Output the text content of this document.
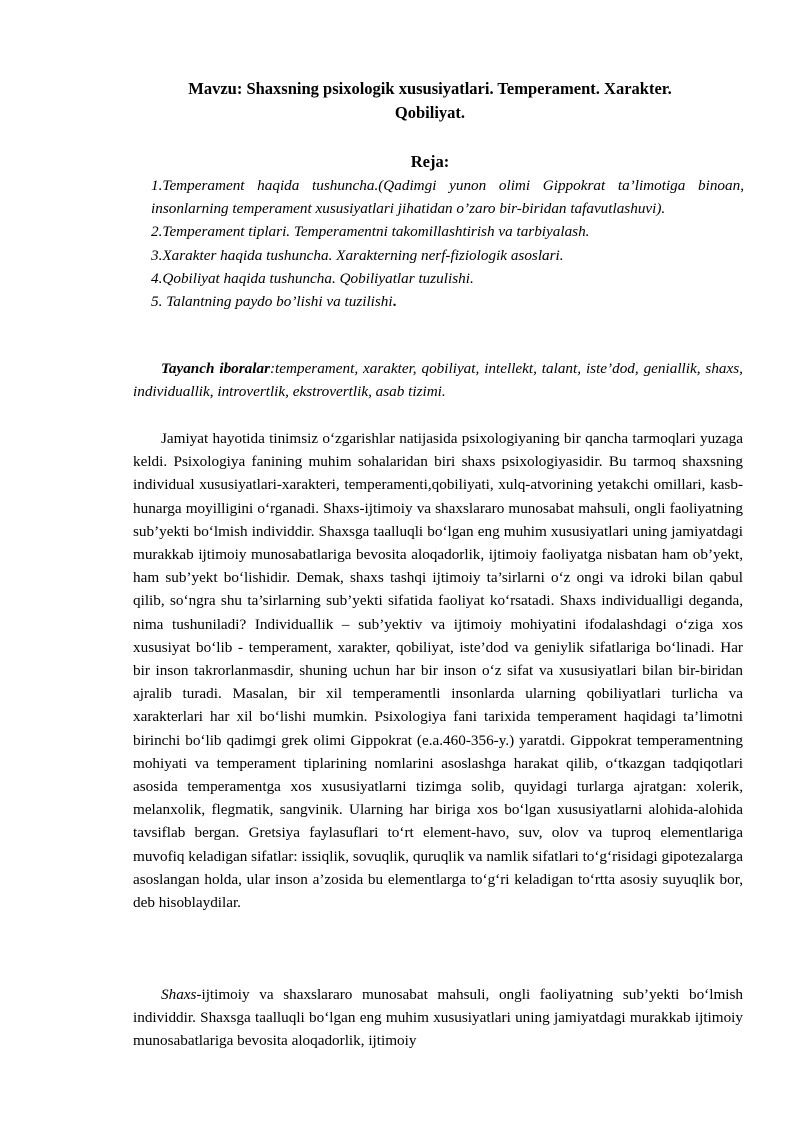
Mavzu: Shaxsning psixologik xususiyatlari. Temperament. Xarakter.
Qobiliyat.
Reja:
1.Temperament haqida tushuncha.(Qadimgi yunon olimi Gippokrat ta’limotiga binoan, insonlarning temperament xususiyatlari jihatidan o’zaro bir-biridan tafavutlashuvi).
2.Temperament tiplari. Temperamentni takomillashtirish va tarbiyalash.
3.Xarakter haqida tushuncha. Xarakterning nerf-fiziologik asoslari.
4.Qobiliyat haqida tushuncha. Qobiliyatlar tuzulishi.
5. Talantning paydo bo’lishi va tuzilishi.
Tayanch iboralar:temperament, xarakter, qobiliyat, intellekt, talant, iste’dod, geniallik, shaxs, individuallik, introvertlik, ekstrovertlik, asab tizimi.

Jamiyat hayotida tinimsiz o‘zgarishlar natijasida psixologiyaning bir qancha tarmoqlari yuzaga keldi. Psixologiya fanining muhim sohalaridan biri shaxs psixologiyasidir. Bu tarmoq shaxsning individual xususiyatlari-xarakteri, temperamenti,qobiliyati, xulq-atvorining yetakchi omillari, kasb-hunarga moyilligini o‘rganadi. Shaxs-ijtimoiy va shaxslararo munosabat mahsuli, ongli faoliyatning sub’yekti bo‘lmish individdir. Shaxsga taalluqli bo‘lgan eng muhim xususiyatlari uning jamiyatdagi murakkab ijtimoiy munosabatlariga bevosita aloqadorlik, ijtimoiy faoliyatga nisbatan ham ob’yekt, ham sub’yekt bo‘lishidir. Demak, shaxs tashqi ijtimoiy ta’sirlarni o‘z ongi va idroki bilan qabul qilib, so‘ngra shu ta’sirlarning sub’yekti sifatida faoliyat ko‘rsatadi. Shaxs individualligi deganda, nima tushuniladi? Individuallik – sub’yektiv va ijtimoiy mohiyatini ifodalashdagi o‘ziga xos xususiyat bo‘lib - temperament, xarakter, qobiliyat, iste’dod va geniylik sifatlariga bo‘linadi. Har bir inson takrorlanmasdir, shuning uchun har bir inson o‘z sifat va xususiyatlari bilan bir-biridan ajralib turadi. Masalan, bir xil temperamentli insonlarda ularning qobiliyatlari turlicha va xarakterlari har xil bo‘lishi mumkin. Psixologiya fani tarixida temperament haqidagi ta’limotni birinchi bo‘lib qadimgi grek olimi Gippokrat (e.a.460-356-y.) yaratdi. Gippokrat temperamentning mohiyati va temperament tiplarining nomlarini asoslashga harakat qilib, o‘tkazgan tadqiqotlari asosida temperamentga xos xususiyatlarni tizimga solib, quyidagi turlarga ajratgan: xolerik, melanxolik, flegmatik, sangvinik. Ularning har biriga xos bo‘lgan xususiyatlarni alohida-alohida tavsiflab bergan. Gretsiya faylasuflari to‘rt element-havo, suv, olov va tuproq elementlariga muvofiq keladigan sifatlar: issiqlik, sovuqlik, quruqlik va namlik sifatlari to‘g‘risidagi gipotezalarga asoslangan holda, ular inson a’zosida bu elementlarga to‘g‘ri keladigan to‘rtta asosiy suyuqlik bor, deb hisoblaydilar.

Shaxs-ijtimoiy va shaxslararo munosabat mahsuli, ongli faoliyatning sub’yekti bo‘lmish individdir. Shaxsga taalluqli bo‘lgan eng muhim xususiyatlari uning jamiyatdagi murakkab ijtimoiy munosabatlariga bevosita aloqadorlik, ijtimoiy
